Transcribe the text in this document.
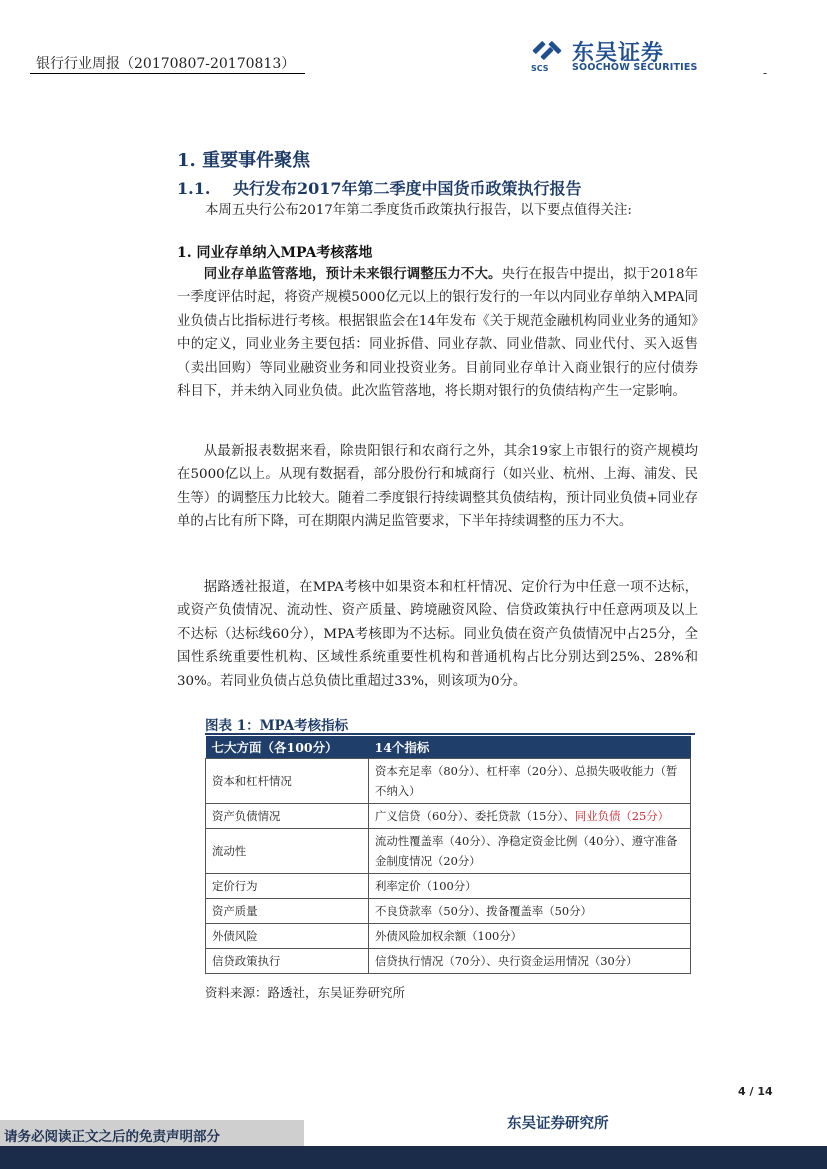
银行行业周报（20170807-20170813）	SCS
东吴证券
SOOCHOW SECURITIES	-
1. 重要事件聚焦
1.1. 央行发布2017年第二季度中国货币政策执行报告
本周五央行公布2017年第二季度货币政策执行报告，以下要点值得关注:
1. 同业存单纳入MPA考核落地

同业存单监管落地，预计未来银行调整压力不大。央行在报告中提出，拟于2018年一季度评估时起，将资产规模5000亿元以上的银行发行的一年以内同业存单纳入MPA同业负债占比指标进行考核。根据银监会在14年发布《关于规范金融机构同业业务的通知》中的定义，同业业务主要包括：同业拆借、同业存款、同业借款、同业代付、买入返售（卖出回购）等同业融资业务和同业投资业务。目前同业存单计入商业银行的应付债券科目下，并未纳入同业负债。此次监管落地，将长期对银行的负债结构产生一定影响。

从最新报表数据来看，除贵阳银行和农商行之外，其余19家上市银行的资产规模均在5000亿以上。从现有数据看，部分股份行和城商行（如兴业、杭州、上海、浦发、民生等）的调整压力比较大。随着二季度银行持续调整其负债结构，预计同业负债+同业存单的占比有所下降，可在期限内满足监管要求，下半年持续调整的压力不大。

据路透社报道，在MPA考核中如果资本和杠杆情况、定价行为中任意一项不达标，或资产负债情况、流动性、资产质量、跨境融资风险、信贷政策执行中任意两项及以上不达标（达标线60分），MPA考核即为不达标。同业负债在资产负债情况中占25分，全国性系统重要性机构、区域性系统重要性机构和普通机构占比分别达到25%、28%和30%。若同业负债占总负债比重超过33%，则该项为0分。

图表 1：MPA考核指标
七大方面（各100分）	14个指标
资本和杠杆情况	资本充足率（80分）、杠杆率（20分）、总损失吸收能力（暂不纳入）
资产负债情况	广义信贷（60分）、委托贷款（15分）、同业负债（25分）
流动性	流动性覆盖率（40分）、净稳定资金比例（40分）、遵守准备金制度情况（20分）
定价行为	利率定价（100分）
资产质量	不良贷款率（50分）、拨备覆盖率（50分）
外债风险	外债风险加权余额（100分）
信贷政策执行	信贷执行情况（70分）、央行资金运用情况（30分）
资料来源：路透社，东吴证券研究所
4 / 14
东吴证券研究所
请务必阅读正文之后的免责声明部分
